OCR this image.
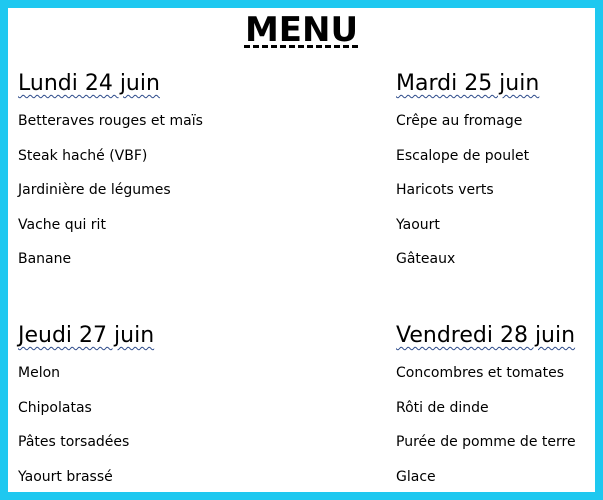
MENU
Lundi 24 juin
Betteraves rouges et maïs
Steak haché (VBF)
Jardinière de légumes
Vache qui rit
Banane
Mardi 25 juin
Crêpe au fromage
Escalope de poulet
Haricots verts
Yaourt
Gâteaux
Jeudi 27 juin
Melon
Chipolatas
Pâtes torsadées
Yaourt brassé
Vendredi 28 juin
Concombres et tomates
Rôti de dinde
Purée de pomme de terre
Glace
